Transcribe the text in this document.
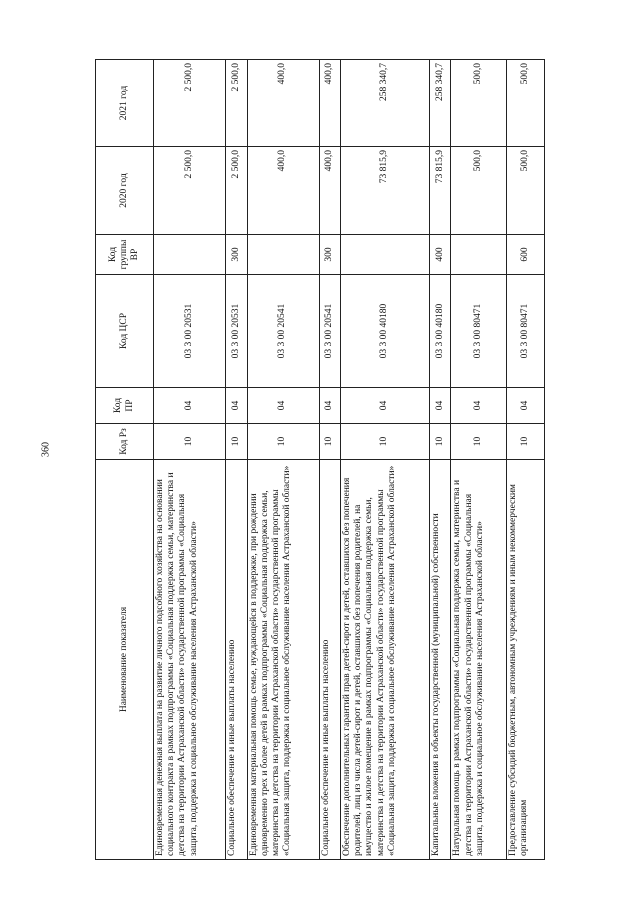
360
Наименование показателя	Код Рз	Код ПР	Код ЦСР	Код группы ВР	2020 год	2021 год
Единовременная денежная выплата на развитие личного подсобного хозяйства на основании социального контракта в рамках подпрограммы «Социальная поддержка семьи, материнства и детства на территории Астраханской области» государственной программы «Социальная защита, поддержка и социальное обслуживание населения Астраханской области»	10	04	03 3 00 20531		2 500,0	2 500,0
Социальное обеспечение и иные выплаты населению	10	04	03 3 00 20531	300	2 500,0	2 500,0
Единовременная материальная помощь семье, нуждающейся в поддержке, при рождении одновременно трех и более детей в рамках подпрограммы «Социальная поддержка семьи, материнства и детства на территории Астраханской области» государственной программы «Социальная защита, поддержка и социальное обслуживание населения Астраханской области»	10	04	03 3 00 20541		400,0	400,0
Социальное обеспечение и иные выплаты населению	10	04	03 3 00 20541	300	400,0	400,0
Обеспечение дополнительных гарантий прав детей-сирот и детей, оставшихся без попечения родителей, лиц из числа детей-сирот и детей, оставшихся без попечения родителей, на имущество и жилое помещение в рамках подпрограммы «Социальная поддержка семьи, материнства и детства на территории Астраханской области» государственной программы «Социальная защита, поддержка и социальное обслуживание населения Астраханской области»	10	04	03 3 00 40180		73 815,9	258 340,7
Капитальные вложения в объекты государственной (муниципальной) собственности	10	04	03 3 00 40180	400	73 815,9	258 340,7
Натуральная помощь в рамках подпрограммы «Социальная поддержка семьи, материнства и детства на территории Астраханской области» государственной программы «Социальная защита, поддержка и социальное обслуживание населения Астраханской области»	10	04	03 3 00 80471		500,0	500,0
Предоставление субсидий бюджетным, автономным учреждениям и иным некоммерческим организациям	10	04	03 3 00 80471	600	500,0	500,0
